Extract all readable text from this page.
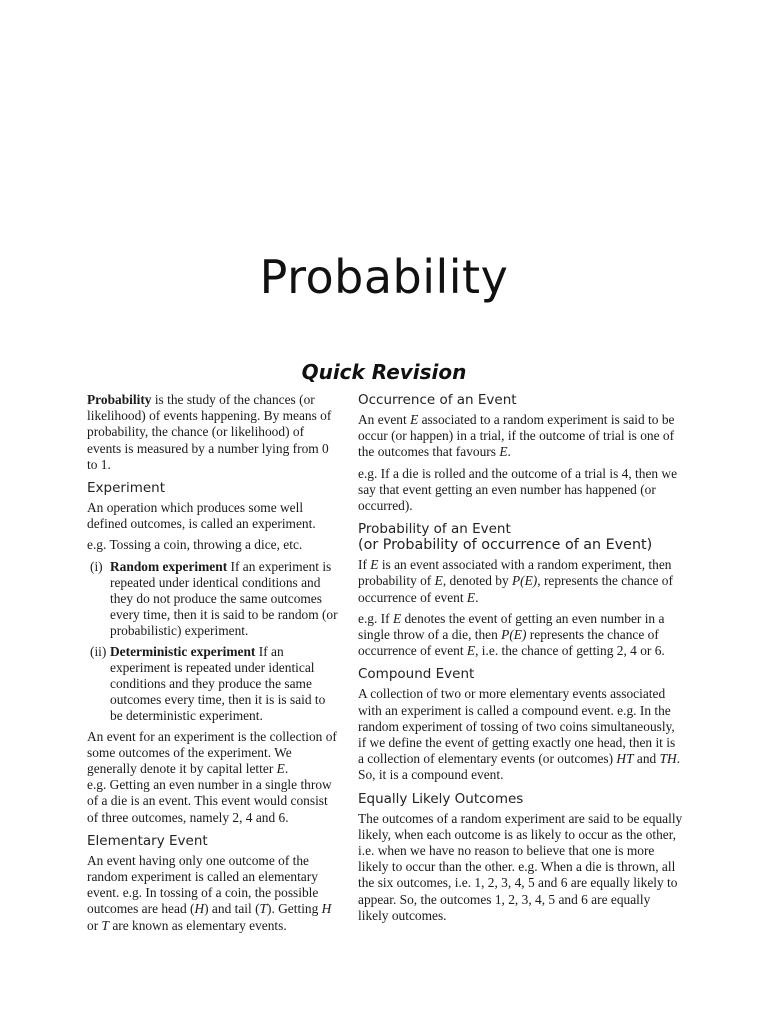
Probability
Quick Revision

Probability is the study of the chances (or likelihood) of events happening. By means of probability, the chance (or likelihood) of events is measured by a number lying from 0 to 1.

Experiment

An operation which produces some well defined outcomes, is called an experiment.

e.g. Tossing a coin, throwing a dice, etc.

(i) Random experiment If an experiment is repeated under identical conditions and they do not produce the same outcomes every time, then it is said to be random (or probabilistic) experiment.
(ii) Deterministic experiment If an experiment is repeated under identical conditions and they produce the same outcomes every time, then it is is said to be deterministic experiment.

An event for an experiment is the collection of some outcomes of the experiment. We generally denote it by capital letter E.

e.g. Getting an even number in a single throw of a die is an event. This event would consist of three outcomes, namely 2, 4 and 6.

Elementary Event

An event having only one outcome of the random experiment is called an elementary event. e.g. In tossing of a coin, the possible outcomes are head (H) and tail (T). Getting H or T are known as elementary events.

Occurrence of an Event

An event E associated to a random experiment is said to be occur (or happen) in a trial, if the outcome of trial is one of the outcomes that favours E.

e.g. If a die is rolled and the outcome of a trial is 4, then we say that event getting an even number has happened (or occurred).

Probability of an Event
(or Probability of occurrence of an Event)

If E is an event associated with a random experiment, then probability of E, denoted by P(E), represents the chance of occurrence of event E.

e.g. If E denotes the event of getting an even number in a single throw of a die, then P(E) represents the chance of occurrence of event E, i.e. the chance of getting 2, 4 or 6.

Compound Event

A collection of two or more elementary events associated with an experiment is called a compound event. e.g. In the random experiment of tossing of two coins simultaneously, if we define the event of getting exactly one head, then it is a collection of elementary events (or outcomes) HT and TH. So, it is a compound event.

Equally Likely Outcomes

The outcomes of a random experiment are said to be equally likely, when each outcome is as likely to occur as the other, i.e. when we have no reason to believe that one is more likely to occur than the other. e.g. When a die is thrown, all the six outcomes, i.e. 1, 2, 3, 4, 5 and 6 are equally likely to appear. So, the outcomes 1, 2, 3, 4, 5 and 6 are equally likely outcomes.
